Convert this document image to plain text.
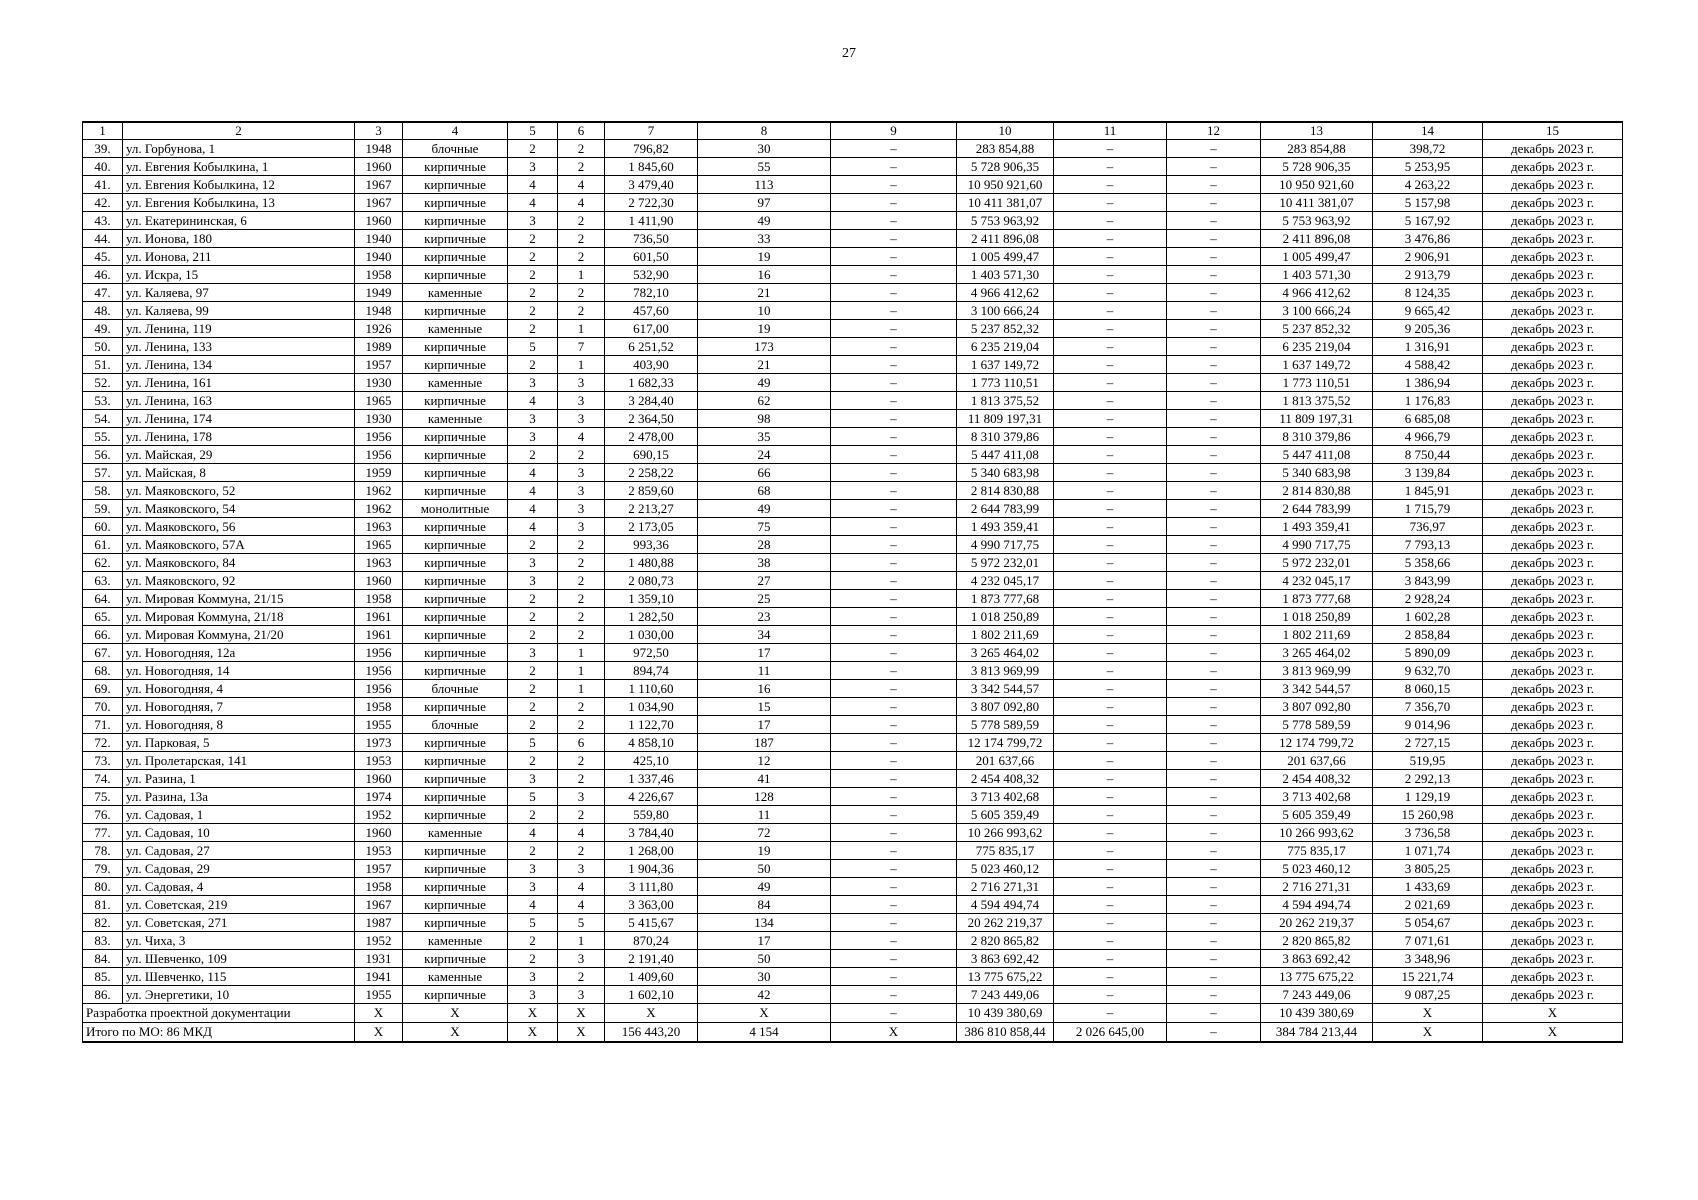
27
1	2	3	4	5	6	7	8	9	10	11	12	13	14	15
39.	ул. Горбунова, 1	1948	блочные	2	2	796,82	30	–	283 854,88	–	–	283 854,88	398,72	декабрь 2023 г.
40.	ул. Евгения Кобылкина, 1	1960	кирпичные	3	2	1 845,60	55	–	5 728 906,35	–	–	5 728 906,35	5 253,95	декабрь 2023 г.
41.	ул. Евгения Кобылкина, 12	1967	кирпичные	4	4	3 479,40	113	–	10 950 921,60	–	–	10 950 921,60	4 263,22	декабрь 2023 г.
42.	ул. Евгения Кобылкина, 13	1967	кирпичные	4	4	2 722,30	97	–	10 411 381,07	–	–	10 411 381,07	5 157,98	декабрь 2023 г.
43.	ул. Екатерининская, 6	1960	кирпичные	3	2	1 411,90	49	–	5 753 963,92	–	–	5 753 963,92	5 167,92	декабрь 2023 г.
44.	ул. Ионова, 180	1940	кирпичные	2	2	736,50	33	–	2 411 896,08	–	–	2 411 896,08	3 476,86	декабрь 2023 г.
45.	ул. Ионова, 211	1940	кирпичные	2	2	601,50	19	–	1 005 499,47	–	–	1 005 499,47	2 906,91	декабрь 2023 г.
46.	ул. Искра, 15	1958	кирпичные	2	1	532,90	16	–	1 403 571,30	–	–	1 403 571,30	2 913,79	декабрь 2023 г.
47.	ул. Каляева, 97	1949	каменные	2	2	782,10	21	–	4 966 412,62	–	–	4 966 412,62	8 124,35	декабрь 2023 г.
48.	ул. Каляева, 99	1948	кирпичные	2	2	457,60	10	–	3 100 666,24	–	–	3 100 666,24	9 665,42	декабрь 2023 г.
49.	ул. Ленина, 119	1926	каменные	2	1	617,00	19	–	5 237 852,32	–	–	5 237 852,32	9 205,36	декабрь 2023 г.
50.	ул. Ленина, 133	1989	кирпичные	5	7	6 251,52	173	–	6 235 219,04	–	–	6 235 219,04	1 316,91	декабрь 2023 г.
51.	ул. Ленина, 134	1957	кирпичные	2	1	403,90	21	–	1 637 149,72	–	–	1 637 149,72	4 588,42	декабрь 2023 г.
52.	ул. Ленина, 161	1930	каменные	3	3	1 682,33	49	–	1 773 110,51	–	–	1 773 110,51	1 386,94	декабрь 2023 г.
53.	ул. Ленина, 163	1965	кирпичные	4	3	3 284,40	62	–	1 813 375,52	–	–	1 813 375,52	1 176,83	декабрь 2023 г.
54.	ул. Ленина, 174	1930	каменные	3	3	2 364,50	98	–	11 809 197,31	–	–	11 809 197,31	6 685,08	декабрь 2023 г.
55.	ул. Ленина, 178	1956	кирпичные	3	4	2 478,00	35	–	8 310 379,86	–	–	8 310 379,86	4 966,79	декабрь 2023 г.
56.	ул. Майская, 29	1956	кирпичные	2	2	690,15	24	–	5 447 411,08	–	–	5 447 411,08	8 750,44	декабрь 2023 г.
57.	ул. Майская, 8	1959	кирпичные	4	3	2 258,22	66	–	5 340 683,98	–	–	5 340 683,98	3 139,84	декабрь 2023 г.
58.	ул. Маяковского, 52	1962	кирпичные	4	3	2 859,60	68	–	2 814 830,88	–	–	2 814 830,88	1 845,91	декабрь 2023 г.
59.	ул. Маяковского, 54	1962	монолитные	4	3	2 213,27	49	–	2 644 783,99	–	–	2 644 783,99	1 715,79	декабрь 2023 г.
60.	ул. Маяковского, 56	1963	кирпичные	4	3	2 173,05	75	–	1 493 359,41	–	–	1 493 359,41	736,97	декабрь 2023 г.
61.	ул. Маяковского, 57А	1965	кирпичные	2	2	993,36	28	–	4 990 717,75	–	–	4 990 717,75	7 793,13	декабрь 2023 г.
62.	ул. Маяковского, 84	1963	кирпичные	3	2	1 480,88	38	–	5 972 232,01	–	–	5 972 232,01	5 358,66	декабрь 2023 г.
63.	ул. Маяковского, 92	1960	кирпичные	3	2	2 080,73	27	–	4 232 045,17	–	–	4 232 045,17	3 843,99	декабрь 2023 г.
64.	ул. Мировая Коммуна, 21/15	1958	кирпичные	2	2	1 359,10	25	–	1 873 777,68	–	–	1 873 777,68	2 928,24	декабрь 2023 г.
65.	ул. Мировая Коммуна, 21/18	1961	кирпичные	2	2	1 282,50	23	–	1 018 250,89	–	–	1 018 250,89	1 602,28	декабрь 2023 г.
66.	ул. Мировая Коммуна, 21/20	1961	кирпичные	2	2	1 030,00	34	–	1 802 211,69	–	–	1 802 211,69	2 858,84	декабрь 2023 г.
67.	ул. Новогодняя, 12а	1956	кирпичные	3	1	972,50	17	–	3 265 464,02	–	–	3 265 464,02	5 890,09	декабрь 2023 г.
68.	ул. Новогодняя, 14	1956	кирпичные	2	1	894,74	11	–	3 813 969,99	–	–	3 813 969,99	9 632,70	декабрь 2023 г.
69.	ул. Новогодняя, 4	1956	блочные	2	1	1 110,60	16	–	3 342 544,57	–	–	3 342 544,57	8 060,15	декабрь 2023 г.
70.	ул. Новогодняя, 7	1958	кирпичные	2	2	1 034,90	15	–	3 807 092,80	–	–	3 807 092,80	7 356,70	декабрь 2023 г.
71.	ул. Новогодняя, 8	1955	блочные	2	2	1 122,70	17	–	5 778 589,59	–	–	5 778 589,59	9 014,96	декабрь 2023 г.
72.	ул. Парковая, 5	1973	кирпичные	5	6	4 858,10	187	–	12 174 799,72	–	–	12 174 799,72	2 727,15	декабрь 2023 г.
73.	ул. Пролетарская, 141	1953	кирпичные	2	2	425,10	12	–	201 637,66	–	–	201 637,66	519,95	декабрь 2023 г.
74.	ул. Разина, 1	1960	кирпичные	3	2	1 337,46	41	–	2 454 408,32	–	–	2 454 408,32	2 292,13	декабрь 2023 г.
75.	ул. Разина, 13а	1974	кирпичные	5	3	4 226,67	128	–	3 713 402,68	–	–	3 713 402,68	1 129,19	декабрь 2023 г.
76.	ул. Садовая, 1	1952	кирпичные	2	2	559,80	11	–	5 605 359,49	–	–	5 605 359,49	15 260,98	декабрь 2023 г.
77.	ул. Садовая, 10	1960	каменные	4	4	3 784,40	72	–	10 266 993,62	–	–	10 266 993,62	3 736,58	декабрь 2023 г.
78.	ул. Садовая, 27	1953	кирпичные	2	2	1 268,00	19	–	775 835,17	–	–	775 835,17	1 071,74	декабрь 2023 г.
79.	ул. Садовая, 29	1957	кирпичные	3	3	1 904,36	50	–	5 023 460,12	–	–	5 023 460,12	3 805,25	декабрь 2023 г.
80.	ул. Садовая, 4	1958	кирпичные	3	4	3 111,80	49	–	2 716 271,31	–	–	2 716 271,31	1 433,69	декабрь 2023 г.
81.	ул. Советская, 219	1967	кирпичные	4	4	3 363,00	84	–	4 594 494,74	–	–	4 594 494,74	2 021,69	декабрь 2023 г.
82.	ул. Советская, 271	1987	кирпичные	5	5	5 415,67	134	–	20 262 219,37	–	–	20 262 219,37	5 054,67	декабрь 2023 г.
83.	ул. Чиха, 3	1952	каменные	2	1	870,24	17	–	2 820 865,82	–	–	2 820 865,82	7 071,61	декабрь 2023 г.
84.	ул. Шевченко, 109	1931	кирпичные	2	3	2 191,40	50	–	3 863 692,42	–	–	3 863 692,42	3 348,96	декабрь 2023 г.
85.	ул. Шевченко, 115	1941	каменные	3	2	1 409,60	30	–	13 775 675,22	–	–	13 775 675,22	15 221,74	декабрь 2023 г.
86.	ул. Энергетики, 10	1955	кирпичные	3	3	1 602,10	42	–	7 243 449,06	–	–	7 243 449,06	9 087,25	декабрь 2023 г.
Разработка проектной документации		X	X	X	X	X	X	–	10 439 380,69	–	–	10 439 380,69	X	X
Итого по МО: 86 МКД		X	X	X	X	156 443,20	4 154	X	386 810 858,44	2 026 645,00	–	384 784 213,44	X	X
